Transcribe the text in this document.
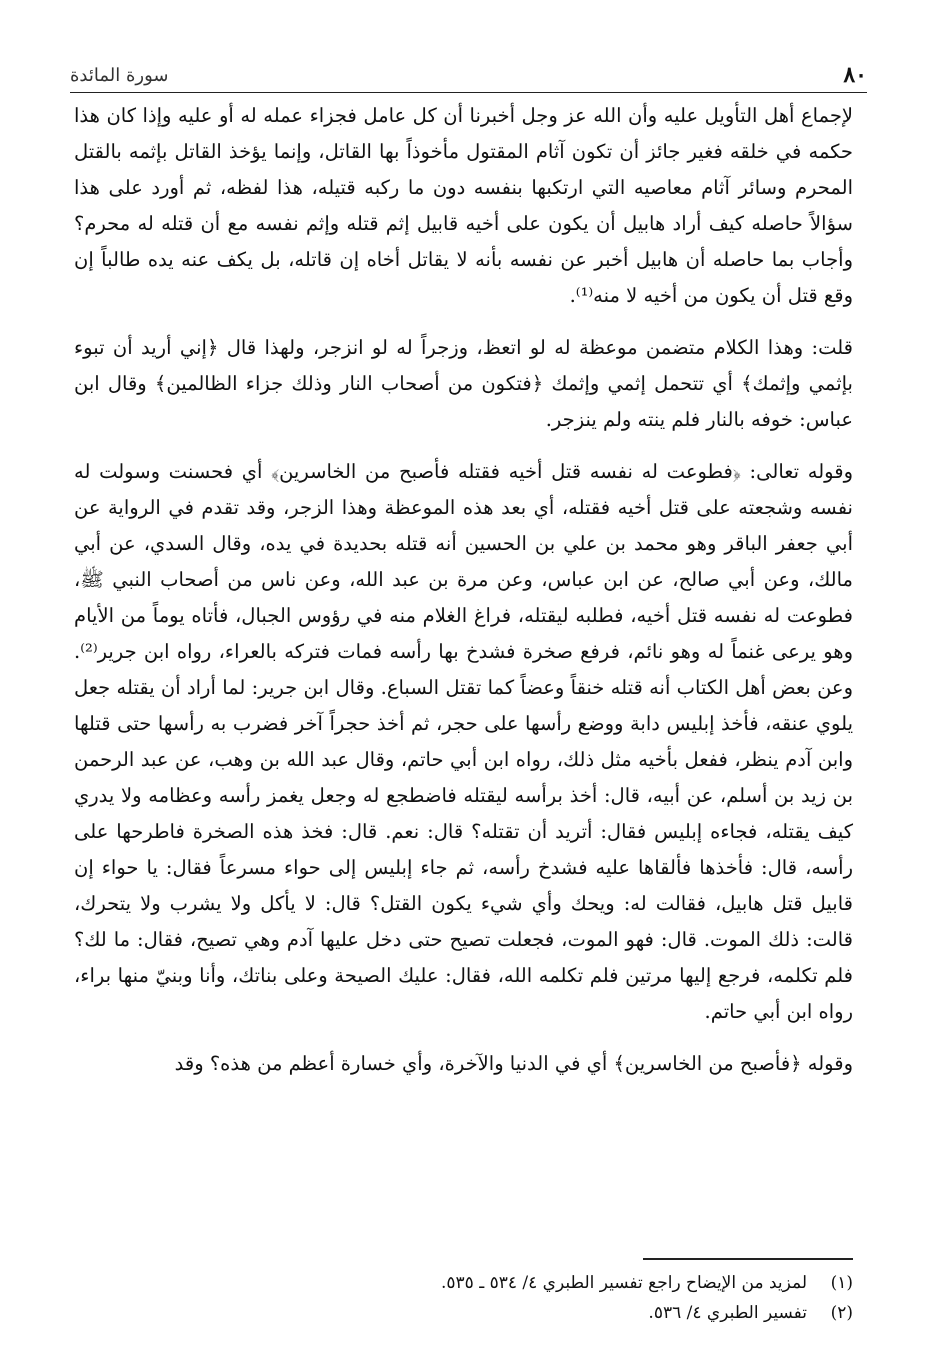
٨٠
سورة المائدة

لإجماع أهل التأويل عليه وأن الله عز وجل أخبرنا أن كل عامل فجزاء عمله له أو عليه وإذا كان هذا حكمه في خلقه فغير جائز أن تكون آثام المقتول مأخوذاً بها القاتل، وإنما يؤخذ القاتل بإثمه بالقتل المحرم وسائر آثام معاصيه التي ارتكبها بنفسه دون ما ركبه قتيله، هذا لفظه، ثم أورد على هذا سؤالاً حاصله كيف أراد هابيل أن يكون على أخيه قابيل إثم قتله وإثم نفسه مع أن قتله له محرم؟ وأجاب بما حاصله أن هابيل أخبر عن نفسه بأنه لا يقاتل أخاه إن قاتله، بل يكف عنه يده طالباً إن وقع قتل أن يكون من أخيه لا منه⁽¹⁾.

قلت: وهذا الكلام متضمن موعظة له لو اتعظ، وزجراً له لو انزجر، ولهذا قال ﴿إني أريد أن تبوء بإثمي وإثمك﴾ أي تتحمل إثمي وإثمك ﴿فتكون من أصحاب النار وذلك جزاء الظالمين﴾ وقال ابن عباس: خوفه بالنار فلم ينته ولم ينزجر.

وقوله تعالى: ﴿فطوعت له نفسه قتل أخيه فقتله فأصبح من الخاسرين﴾ أي فحسنت وسولت له نفسه وشجعته على قتل أخيه فقتله، أي بعد هذه الموعظة وهذا الزجر، وقد تقدم في الرواية عن أبي جعفر الباقر وهو محمد بن علي بن الحسين أنه قتله بحديدة في يده، وقال السدي، عن أبي مالك، وعن أبي صالح، عن ابن عباس، وعن مرة بن عبد الله، وعن ناس من أصحاب النبي ﷺ، فطوعت له نفسه قتل أخيه، فطلبه ليقتله، فراغ الغلام منه في رؤوس الجبال، فأتاه يوماً من الأيام وهو يرعى غنماً له وهو نائم، فرفع صخرة فشدخ بها رأسه فمات فتركه بالعراء، رواه ابن جرير⁽²⁾. وعن بعض أهل الكتاب أنه قتله خنقاً وعضاً كما تقتل السباع. وقال ابن جرير: لما أراد أن يقتله جعل يلوي عنقه، فأخذ إبليس دابة ووضع رأسها على حجر، ثم أخذ حجراً آخر فضرب به رأسها حتى قتلها وابن آدم ينظر، ففعل بأخيه مثل ذلك، رواه ابن أبي حاتم، وقال عبد الله بن وهب، عن عبد الرحمن بن زيد بن أسلم، عن أبيه، قال: أخذ برأسه ليقتله فاضطجع له وجعل يغمز رأسه وعظامه ولا يدري كيف يقتله، فجاءه إبليس فقال: أتريد أن تقتله؟ قال: نعم. قال: فخذ هذه الصخرة فاطرحها على رأسه، قال: فأخذها فألقاها عليه فشدخ رأسه، ثم جاء إبليس إلى حواء مسرعاً فقال: يا حواء إن قابيل قتل هابيل، فقالت له: ويحك وأي شيء يكون القتل؟ قال: لا يأكل ولا يشرب ولا يتحرك، قالت: ذلك الموت. قال: فهو الموت، فجعلت تصيح حتى دخل عليها آدم وهي تصيح، فقال: ما لك؟ فلم تكلمه، فرجع إليها مرتين فلم تكلمه الله، فقال: عليك الصيحة وعلى بناتك، وأنا وبنيّ منها براء، رواه ابن أبي حاتم.

وقوله ﴿فأصبح من الخاسرين﴾ أي في الدنيا والآخرة، وأي خسارة أعظم من هذه؟ وقد

(١)
لمزيد من الإيضاح راجع تفسير الطبري ٤/ ٥٣٤ ـ ٥٣٥.

(٢)
تفسير الطبري ٤/ ٥٣٦.
